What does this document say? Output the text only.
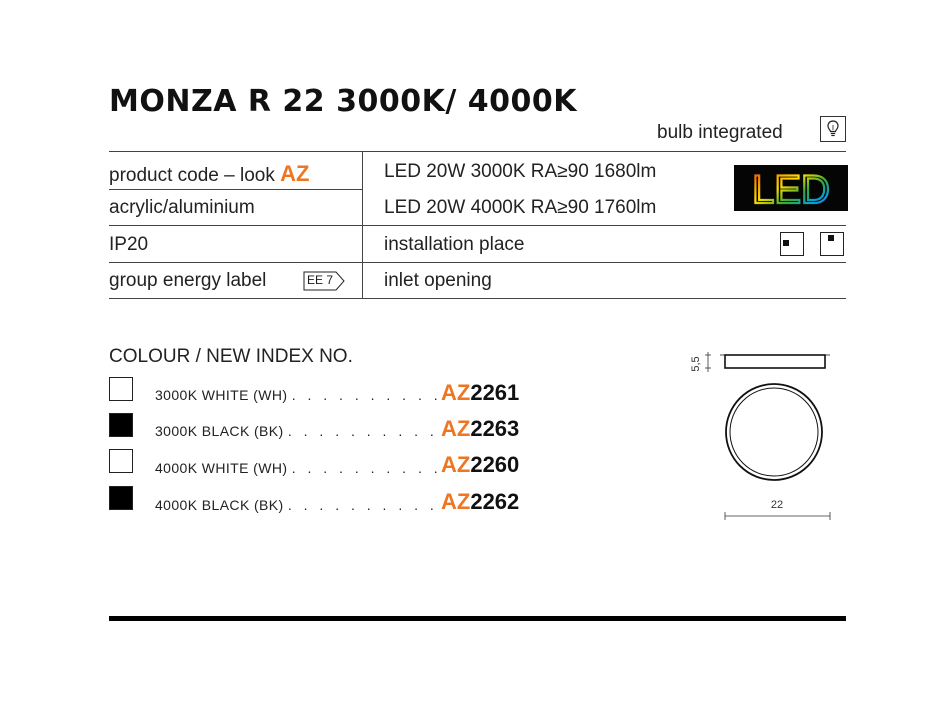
MONZA R 22 3000K/ 4000K
bulb integrated
product code – look AZ	LED 20W 3000K RA≥90 1680lm
acrylic/aluminium	LED 20W 4000K RA≥90 1760lm LED
IP20	installation place
group energy label	EE 7	inlet opening
COLOUR / NEW INDEX NO.
3000K WHITE (WH) . . . . . . . . . . AZ2261
3000K BLACK (BK) . . . . . . . . . . AZ2263
4000K WHITE (WH) . . . . . . . . . . AZ2260
4000K BLACK (BK) . . . . . . . . . . AZ2262
5,5
22
